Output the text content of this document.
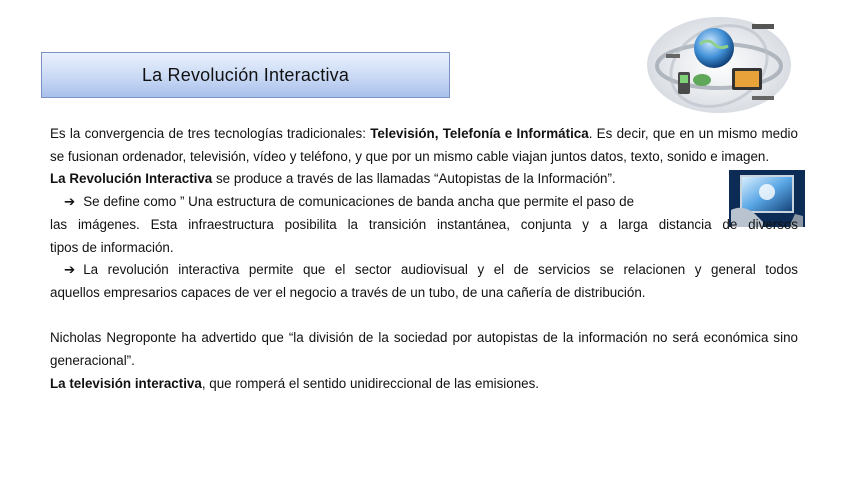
La Revolución Interactiva

Es la convergencia de tres tecnologías tradicionales: Televisión, Telefonía e Informática. Es decir, que en un mismo medio se fusionan ordenador, televisión, vídeo y teléfono, y que por un mismo cable viajan juntos datos, texto, sonido e imagen.

La Revolución Interactiva se produce a través de las llamadas “Autopistas de la Información”.

➔ Se define como ” Una estructura de comunicaciones de banda ancha que permite el paso de

las imágenes. Esta infraestructura posibilita la transición instantánea, conjunta y a larga distancia de diversos

tipos de información.

➔ La revolución interactiva permite que el sector audiovisual y el de servicios se relacionen y general todos

aquellos empresarios capaces de ver el negocio a través de un tubo, de una cañería de distribución.

Nicholas Negroponte ha advertido que “la división de la sociedad por autopistas de la información no será económica sino generacional”.

La televisión interactiva, que romperá el sentido unidireccional de las emisiones.
